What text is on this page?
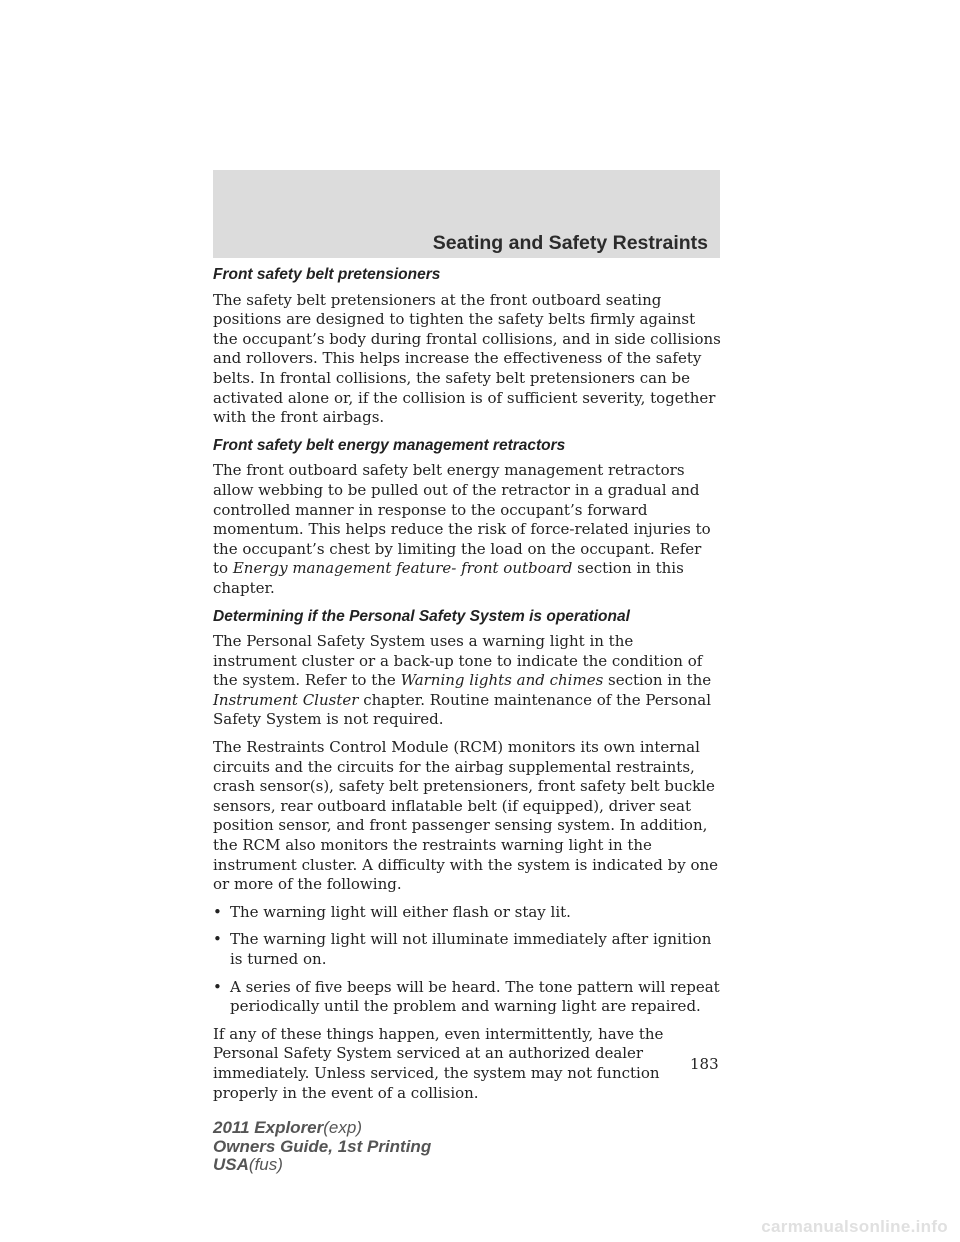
Seating and Safety Restraints
Front safety belt pretensioners

The safety belt pretensioners at the front outboard seating positions are designed to tighten the safety belts firmly against the occupant’s body during frontal collisions, and in side collisions and rollovers. This helps increase the effectiveness of the safety belts. In frontal collisions, the safety belt pretensioners can be activated alone or, if the collision is of sufficient severity, together with the front airbags.

Front safety belt energy management retractors

The front outboard safety belt energy management retractors allow webbing to be pulled out of the retractor in a gradual and controlled manner in response to the occupant’s forward momentum. This helps reduce the risk of force-related injuries to the occupant’s chest by limiting the load on the occupant. Refer to Energy management feature- front outboard section in this chapter.

Determining if the Personal Safety System is operational

The Personal Safety System uses a warning light in the instrument cluster or a back-up tone to indicate the condition of the system. Refer to the Warning lights and chimes section in the Instrument Cluster chapter. Routine maintenance of the Personal Safety System is not required.

The Restraints Control Module (RCM) monitors its own internal circuits and the circuits for the airbag supplemental restraints, crash sensor(s), safety belt pretensioners, front safety belt buckle sensors, rear outboard inflatable belt (if equipped), driver seat position sensor, and front passenger sensing system. In addition, the RCM also monitors the restraints warning light in the instrument cluster. A difficulty with the system is indicated by one or more of the following.

• The warning light will either flash or stay lit.
• The warning light will not illuminate immediately after ignition is turned on.
• A series of five beeps will be heard. The tone pattern will repeat periodically until the problem and warning light are repaired.

If any of these things happen, even intermittently, have the Personal Safety System serviced at an authorized dealer immediately. Unless serviced, the system may not function properly in the event of a collision.

183
2011 Explorer(exp)
Owners Guide, 1st Printing
USA(fus)
carmanualsonline.info
